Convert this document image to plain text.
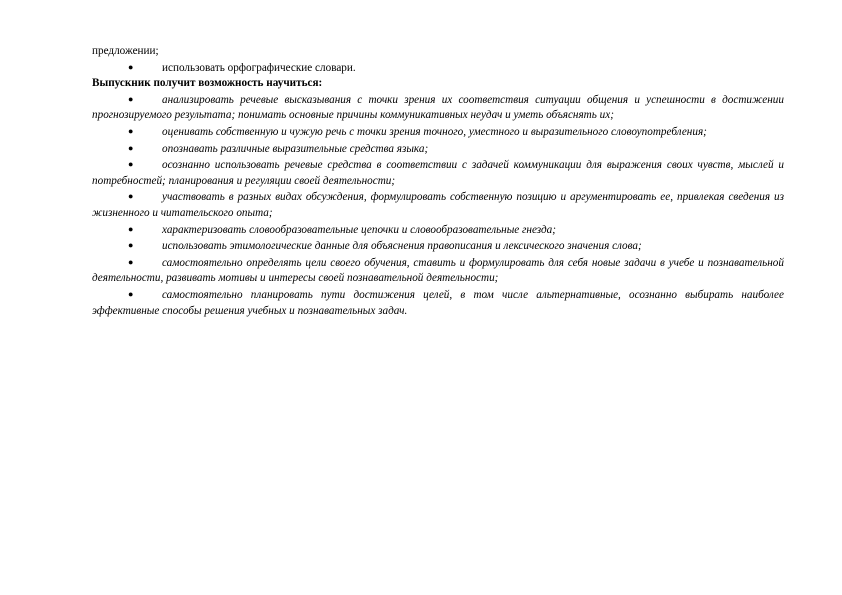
предложении;

●	использовать орфографические словари.

Выпускник получит возможность научиться:

●	анализировать речевые высказывания с точки зрения их соответствия ситуации общения и успешности в достижении прогнозируемого результата; понимать основные причины коммуникативных неудач и уметь объяснять их;

●	оценивать собственную и чужую речь с точки зрения точного, уместного и выразительного словоупотребления;

●	опознавать различные выразительные средства языка;

●	осознанно использовать речевые средства в соответствии с задачей коммуникации для выражения своих чувств, мыслей и потребностей; планирования и регуляции своей деятельности;

●	участвовать в разных видах обсуждения, формулировать собственную позицию и аргументировать ее, привлекая сведения из жизненного и читательского опыта;

●	характеризовать словообразовательные цепочки и словообразовательные гнезда;

●	использовать этимологические данные для объяснения правописания и лексического значения слова;

●	самостоятельно определять цели своего обучения, ставить и формулировать для себя новые задачи в учебе и познавательной деятельности, развивать мотивы и интересы своей познавательной деятельности;

●	самостоятельно планировать пути достижения целей, в том числе альтернативные, осознанно выбирать наиболее эффективные способы решения учебных и познавательных задач.
